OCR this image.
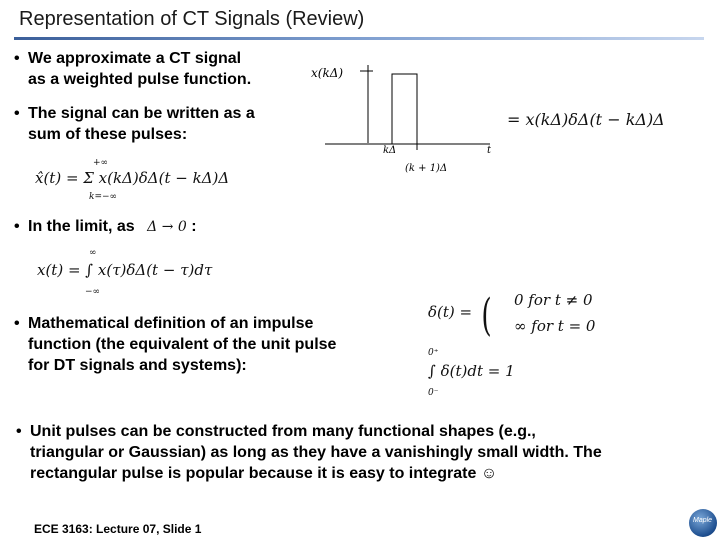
Representation of CT Signals (Review)
• We approximate a CT signal
as a weighted pulse function.
• The signal can be written as a
sum of these pulses:
x(kΔ)
kΔ	t
(k + 1)Δ
= x(kΔ)δΔ(t − kΔ)Δ
+∞
x̂(t) = Σ x(kΔ)δΔ(t − kΔ)Δ
k=−∞
• In the limit, as Δ → 0 :
∞
x(t) = ∫ x(τ)δΔ(t − τ)dτ
−∞
• Mathematical definition of an impulse
function (the equivalent of the unit pulse
for DT signals and systems):
δ(t) = ( 0 for t ≠ 0
∞ for t = 0
0⁺
∫ δ(t)dt = 1
0⁻
• Unit pulses can be constructed from many functional shapes (e.g.,
triangular or Gaussian) as long as they have a vanishingly small width. The
rectangular pulse is popular because it is easy to integrate ☺
ECE 3163: Lecture 07, Slide 1
Maple
